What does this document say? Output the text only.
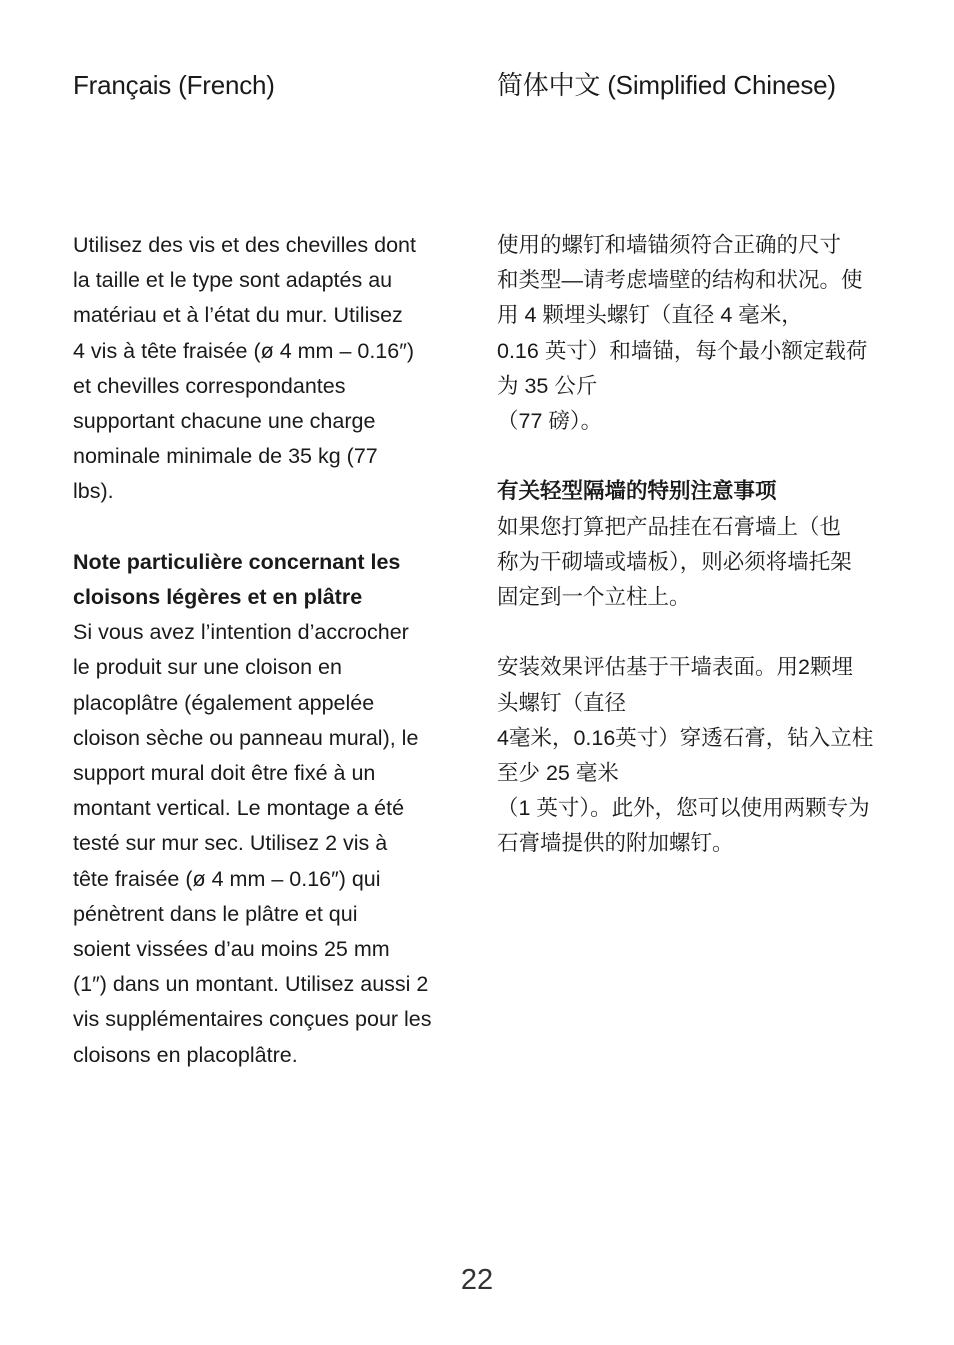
Français (French)

Utilisez des vis et des chevilles dont

la taille et le type sont adaptés au

matériau et à l’état du mur. Utilisez

4 vis à tête fraisée (ø 4 mm – 0.16″)

et chevilles correspondantes

supportant chacune une charge

nominale minimale de 35 kg (77

lbs).

Note particulière concernant les

cloisons légères et en plâtre

Si vous avez l’intention d’accrocher

le produit sur une cloison en

placoplâtre (également appelée

cloison sèche ou panneau mural), le

support mural doit être fixé à un

montant vertical. Le montage a été

testé sur mur sec. Utilisez 2 vis à

tête fraisée (ø 4 mm – 0.16″) qui

pénètrent dans le plâtre et qui

soient vissées d’au moins 25 mm

(1″) dans un montant. Utilisez aussi 2

vis supplémentaires conçues pour les

cloisons en placoplâtre.

简体中文 (Simplified Chinese)

使用的螺钉和墙锚须符合正确的尺寸

和类型—请考虑墙壁的结构和状况。使

用 4 颗埋头螺钉（直径 4 毫米，

0.16 英寸）和墙锚，每个最小额定载荷

为 35 公斤

（77 磅）。

有关轻型隔墙的特别注意事项

如果您打算把产品挂在石膏墙上（也

称为干砌墙或墙板），则必须将墙托架

固定到一个立柱上。

安装效果评估基于干墙表面。用2颗埋

头螺钉（直径

4毫米，0.16英寸）穿透石膏，钻入立柱

至少 25 毫米

（1 英寸）。此外，您可以使用两颗专为

石膏墙提供的附加螺钉。

22
